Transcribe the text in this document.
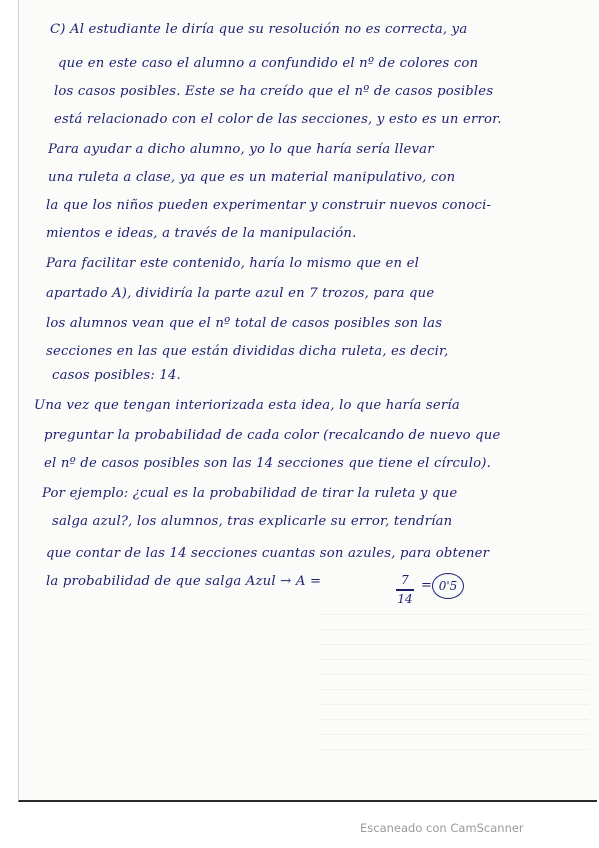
C) Al estudiante le diría que su resolución no es correcta, ya
que en este caso el alumno a confundido el nº de colores con
los casos posibles. Este se ha creído que el nº de casos posibles
está relacionado con el color de las secciones, y esto es un error.
Para ayudar a dicho alumno, yo lo que haría sería llevar
una ruleta a clase, ya que es un material manipulativo, con
la que los niños pueden experimentar y construir nuevos conoci-
mientos e ideas, a través de la manipulación.
Para facilitar este contenido, haría lo mismo que en el
apartado A), dividiría la parte azul en 7 trozos, para que
los alumnos vean que el nº total de casos posibles son las
secciones en las que están divididas dicha ruleta, es decir,
casos posibles: 14.
Una vez que tengan interiorizada esta idea, lo que haría sería
preguntar la probabilidad de cada color (recalcando de nuevo que
el nº de casos posibles son las 14 secciones que tiene el círculo).
Por ejemplo: ¿cual es la probabilidad de tirar la ruleta y que
salga azul?, los alumnos, tras explicarle su error, tendrían
que contar de las 14 secciones cuantas son azules, para obtener
la probabilidad de que salga Azul → A =	7
14
= 0'5
Escaneado con CamScanner
